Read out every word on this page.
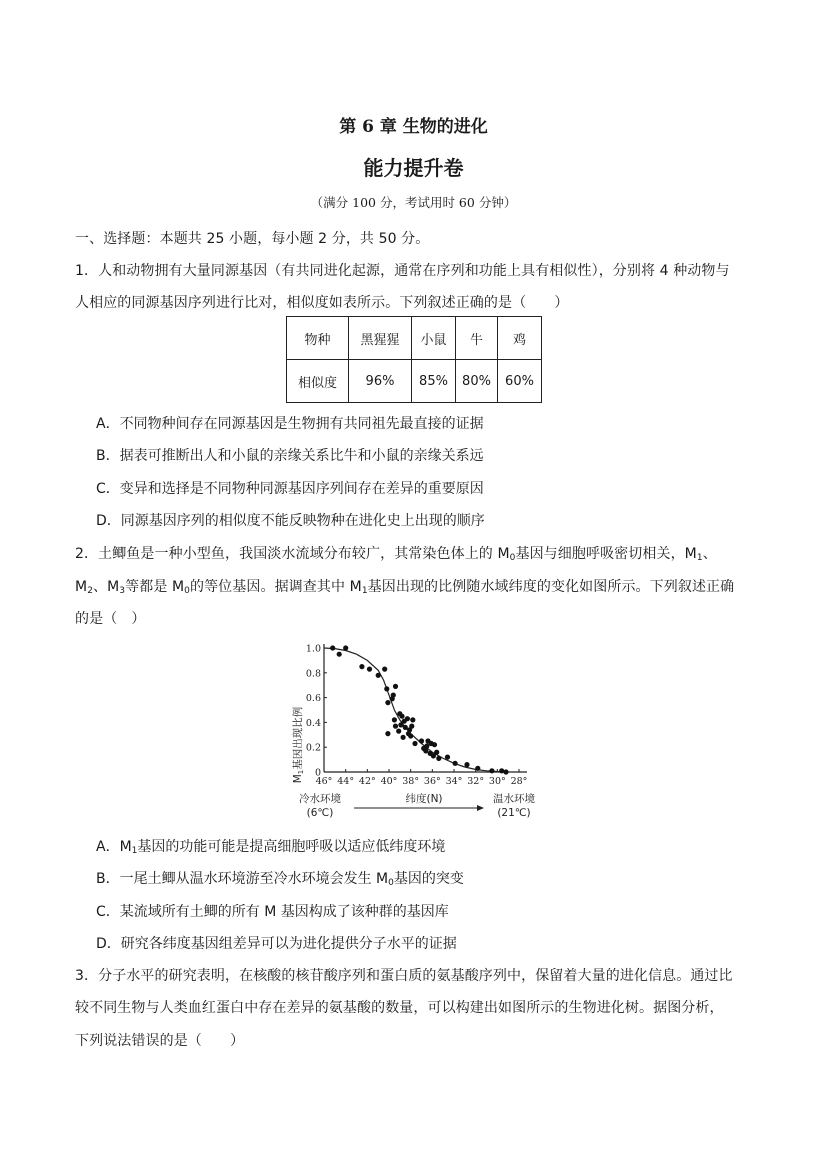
第 6 章 生物的进化
能力提升卷
（满分 100 分，考试用时 60 分钟）
一、选择题：本题共 25 小题，每小题 2 分，共 50 分。
1．人和动物拥有大量同源基因（有共同进化起源，通常在序列和功能上具有相似性），分别将 4 种动物与
人相应的同源基因序列进行比对，相似度如表所示。下列叙述正确的是（　　）
物种	黑猩猩	小鼠	牛	鸡
相似度	96%	85%	80%	60%
A．不同物种间存在同源基因是生物拥有共同祖先最直接的证据
B．据表可推断出人和小鼠的亲缘关系比牛和小鼠的亲缘关系远
C．变异和选择是不同物种同源基因序列间存在差异的重要原因
D．同源基因序列的相似度不能反映物种在进化史上出现的顺序
2．土鲫鱼是一种小型鱼，我国淡水流域分布较广，其常染色体上的 $M_0$基因与细胞呼吸密切相关，$M_1$、
$M_2$、$M_3$等都是 $M_0$的等位基因。据调查其中 $M_1$基因出现的比例随水域纬度的变化如图所示。下列叙述正确
的是（　）
0
0.2
0.4
0.6
0.8
1.0
46° 44° 42° 40° 38° 36° 34° 32° 30° 28°
M1基因出现比例
纬度(N)
冷水环境
(6℃)
温水环境
(21℃)
A．$M_1$基因的功能可能是提高细胞呼吸以适应低纬度环境
B．一尾土鲫从温水环境游至冷水环境会发生 $M_0$基因的突变
C．某流域所有土鲫的所有 M 基因构成了该种群的基因库
D．研究各纬度基因组差异可以为进化提供分子水平的证据
3．分子水平的研究表明，在核酸的核苷酸序列和蛋白质的氨基酸序列中，保留着大量的进化信息。通过比
较不同生物与人类血红蛋白中存在差异的氨基酸的数量，可以构建出如图所示的生物进化树。据图分析，
下列说法错误的是（　　）
